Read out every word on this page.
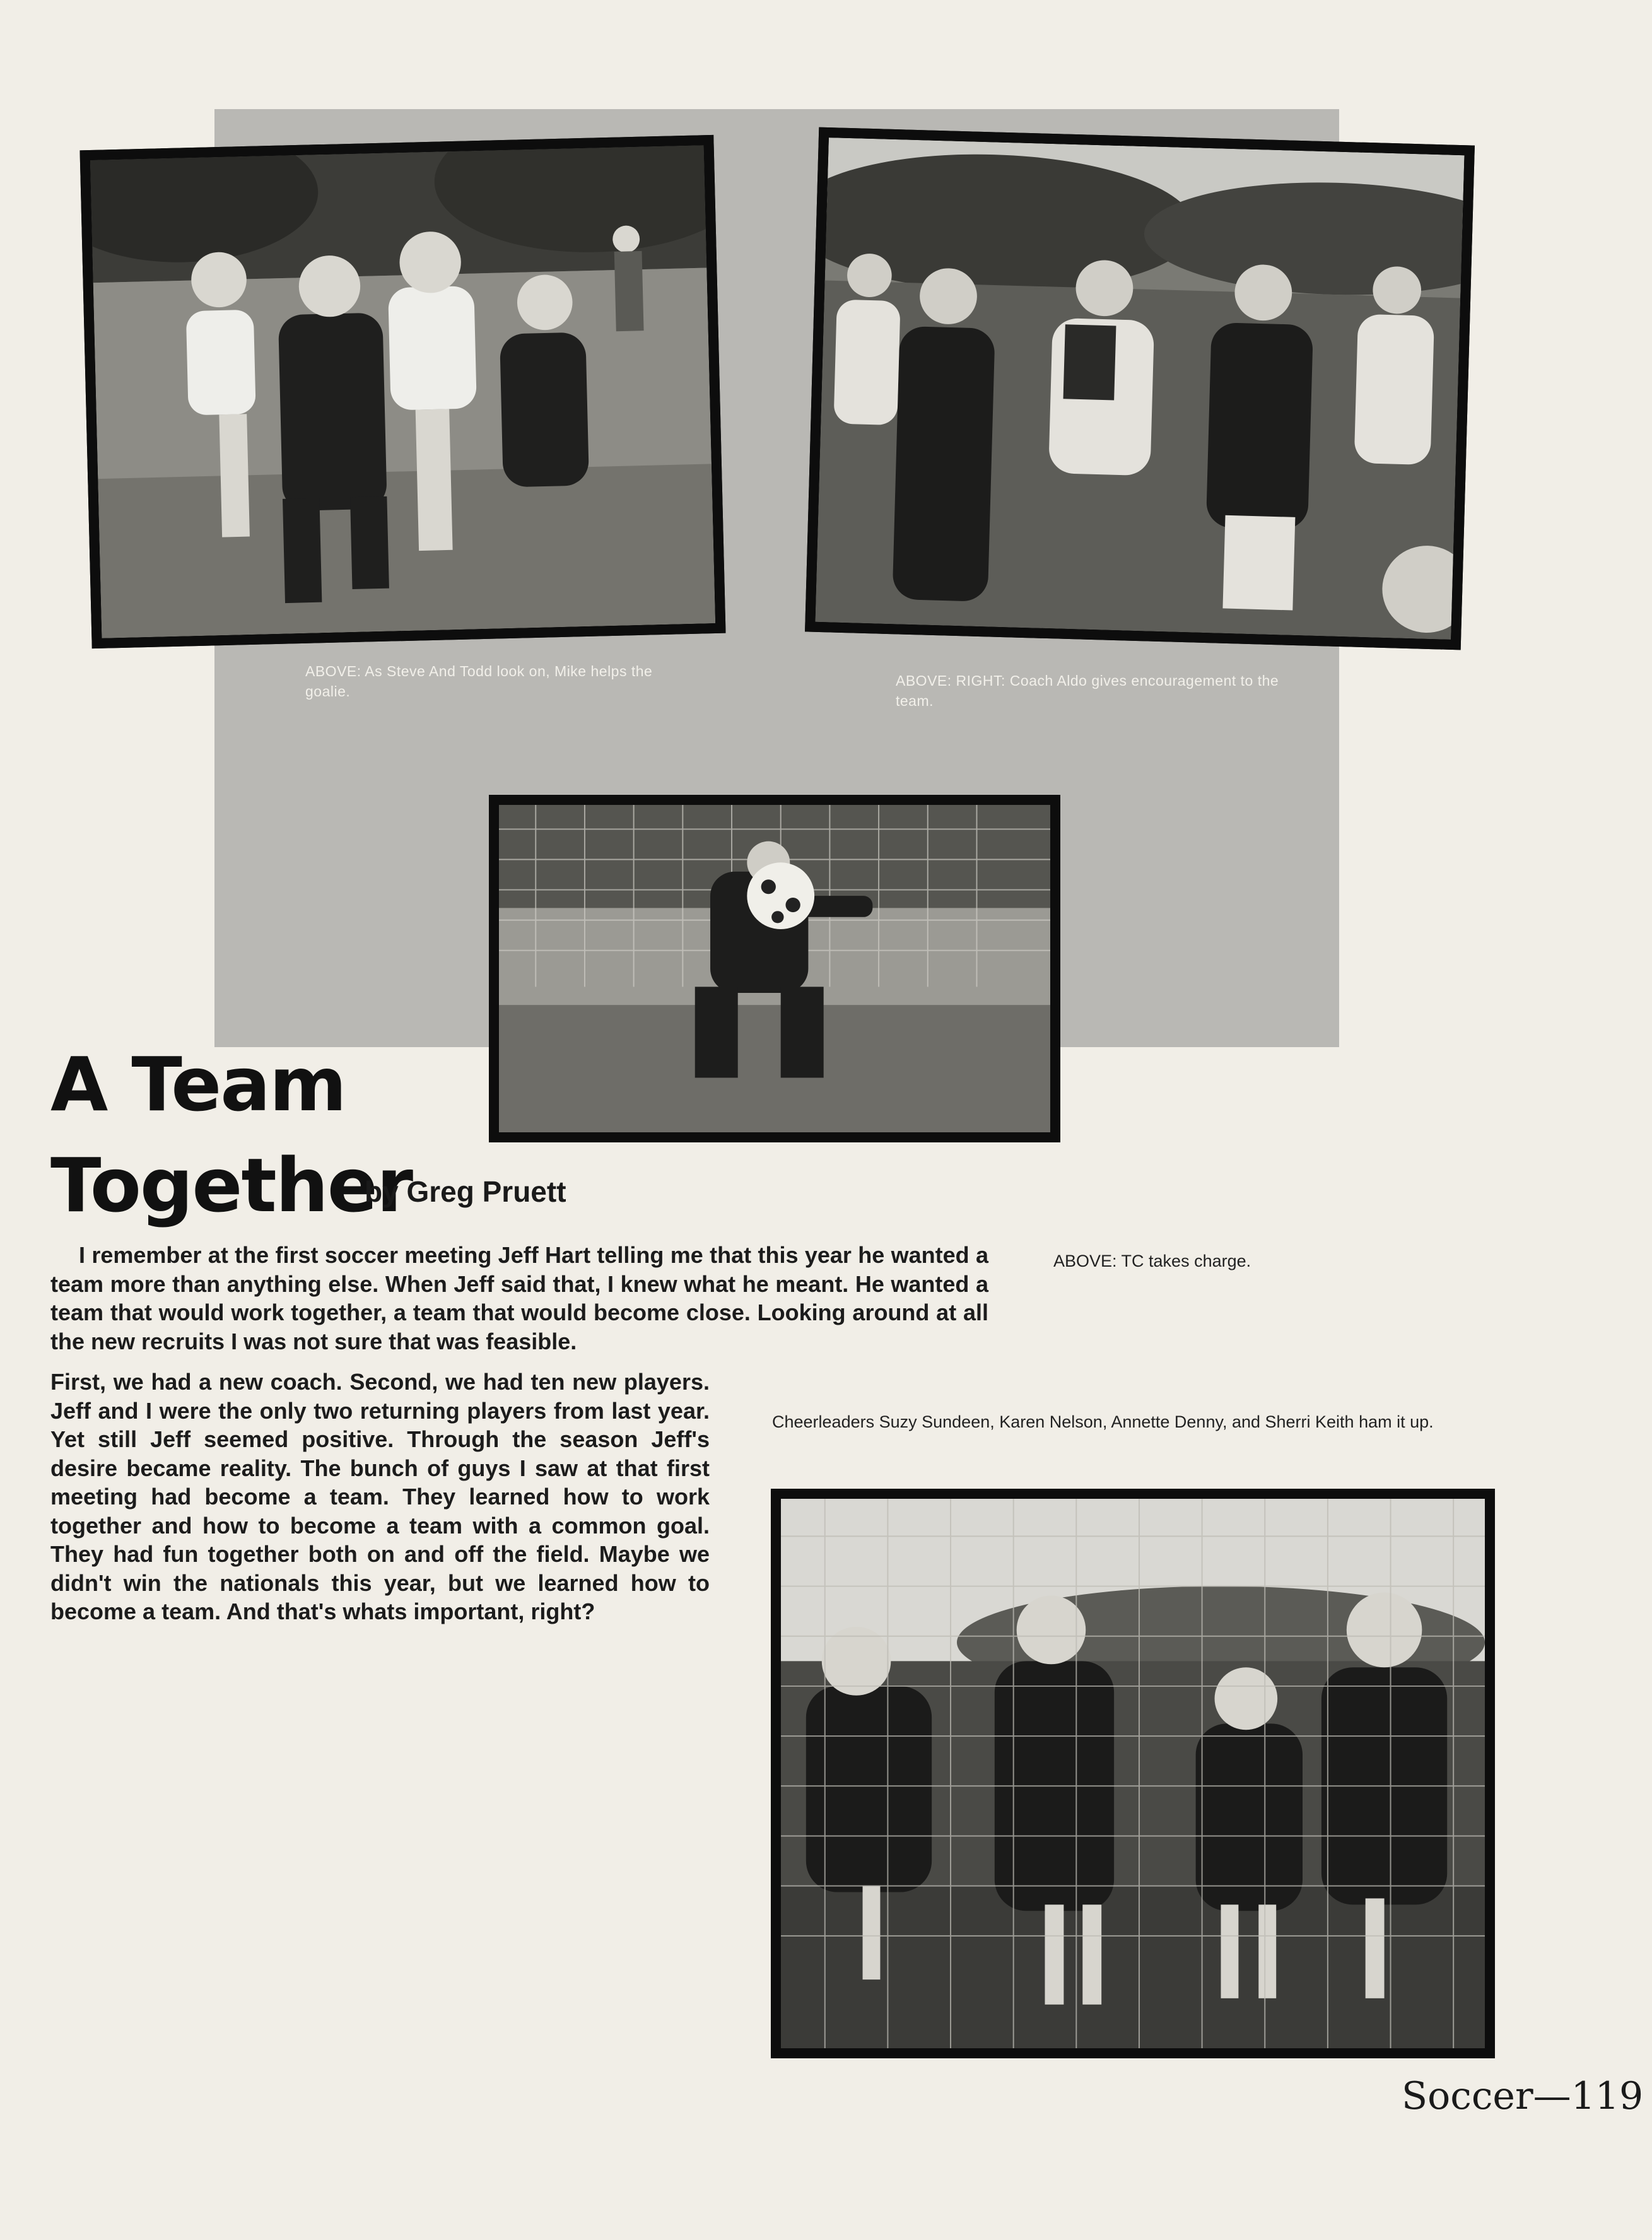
ABOVE: As Steve And Todd look on, Mike helps the goalie.
ABOVE: RIGHT: Coach Aldo gives encouragement to the team.
A Team
Together
by Greg Pruett
ABOVE: TC takes charge.
I remember at the first soccer meeting Jeff Hart telling me that this year he wanted a team more than anything else. When Jeff said that, I knew what he meant. He wanted a team that would work together, a team that would become close. Looking around at all the new recruits I was not sure that was feasible.
First, we had a new coach. Second, we had ten new players. Jeff and I were the only two returning players from last year. Yet still Jeff seemed positive. Through the season Jeff's desire became reality. The bunch of guys I saw at that first meeting had become a team. They learned how to work together and how to become a team with a common goal. They had fun together both on and off the field. Maybe we didn't win the nationals this year, but we learned how to become a team. And that's whats important, right?
Cheerleaders Suzy Sundeen, Karen Nelson, Annette Denny, and Sherri Keith ham it up.
Soccer—119
